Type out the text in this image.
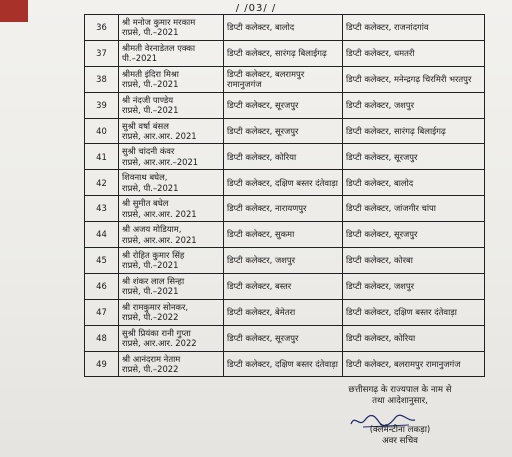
/ /03/ /
36	श्री मनोज कुमार मरकाम
राप्रसे, पी.–2021	डिप्टी कलेक्टर, बालोद	डिप्टी कलेक्टर, राजनांदगांव
37	श्रीमती वेरनाडेतल एक्का
पी.–2021	डिप्टी कलेक्टर, सारंगढ़ बिलाईगढ़	डिप्टी कलेक्टर, धमतरी
38	श्रीमती इंदिरा मिश्रा
राप्रसे, पी.–2021	डिप्टी कलेक्टर, बलरामपुर रामानुजगंज	डिप्टी कलेक्टर, मनेन्द्रगढ़ चिरमिरी भरतपुर
39	श्री नंदजी पाण्डेय
राप्रसे, पी.–2021	डिप्टी कलेक्टर, सूरजपुर	डिप्टी कलेक्टर, जशपुर
40	सुश्री वर्षा बंसल
राप्रसे, आर.आर. 2021	डिप्टी कलेक्टर, सूरजपुर	डिप्टी कलेक्टर, सारंगढ़ बिलाईगढ़
41	सुश्री चांदनी कंवर
राप्रसे, आर.आर.–2021	डिप्टी कलेक्टर, कोरिया	डिप्टी कलेक्टर, सूरजपुर
42	शिवनाथ बघेल,
राप्रसे, पी.–2021	डिप्टी कलेक्टर, दक्षिण बस्तर दंतेवाड़ा	डिप्टी कलेक्टर, बालोद
43	श्री सुमीत बघेल
राप्रसे, आर.आर. 2021	डिप्टी कलेक्टर, नारायणपुर	डिप्टी कलेक्टर, जांजगीर चांपा
44	श्री अजय मोडियाम,
राप्रसे, आर.आर. 2021	डिप्टी कलेक्टर, सुकमा	डिप्टी कलेक्टर, सूरजपुर
45	श्री रोहित कुमार सिंह
राप्रसे, पी.–2021	डिप्टी कलेक्टर, जशपुर	डिप्टी कलेक्टर, कोरबा
46	श्री शंकर लाल सिन्हा
राप्रसे, पी.–2021	डिप्टी कलेक्टर, बस्तर	डिप्टी कलेक्टर, जशपुर
47	श्री रामकुमार सोनकर,
राप्रसे, पी.–2022	डिप्टी कलेक्टर, बेमेतरा	डिप्टी कलेक्टर, दक्षिण बस्तर दंतेवाड़ा
48	सुश्री प्रियंका रानी गुप्ता
राप्रसे, आर.आर. 2022	डिप्टी कलेक्टर, सूरजपुर	डिप्टी कलेक्टर, कोरिया
49	श्री आनंदराम नेताम
राप्रसे, पी.–2022	डिप्टी कलेक्टर, दक्षिण बस्तर दंतेवाड़ा	डिप्टी कलेक्टर, बलरामपुर रामानुजगंज
छत्तीसगढ़ के राज्यपाल के नाम से
तथा आदेशानुसार,
(क्लेमेन्टीना लकड़ा)
अवर सचिव
